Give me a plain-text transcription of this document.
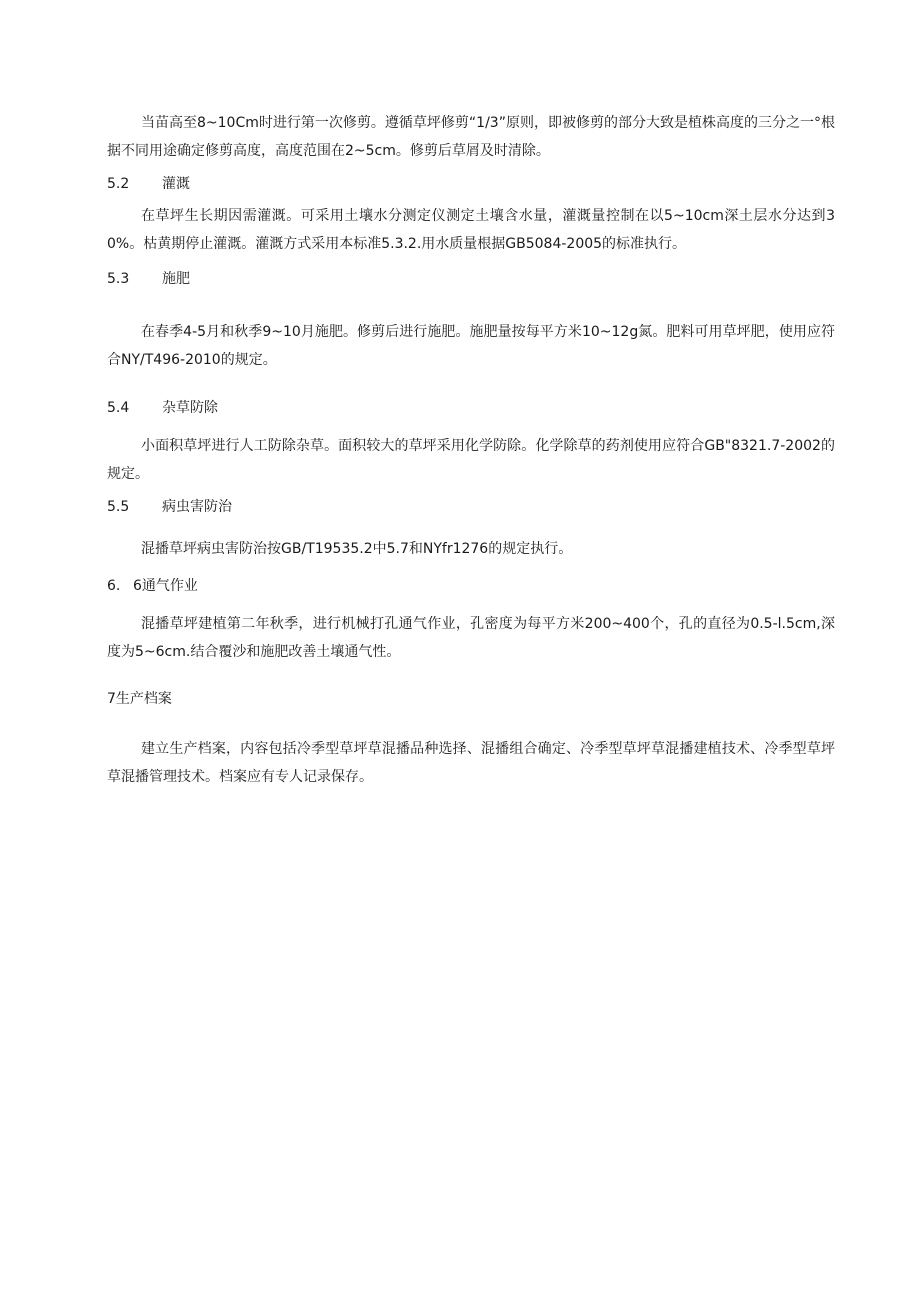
当苗高至8~10Cm时进行第一次修剪。遵循草坪修剪“1/3”原则，即被修剪的部分大致是植株高度的三分之一°根据不同用途确定修剪高度，高度范围在2~5cm。修剪后草屑及时清除。

5.2 灌溉

在草坪生长期因需灌溉。可采用土壤水分测定仪测定土壤含水量，灌溉量控制在以5~10cm深土层水分达到30%。枯黄期停止灌溉。灌溉方式采用本标准5.3.2.用水质量根据GB5084-2005的标准执行。

5.3 施肥

在春季4-5月和秋季9~10月施肥。修剪后进行施肥。施肥量按每平方米10~12g氮。肥料可用草坪肥，使用应符合NY/T496-2010的规定。

5.4 杂草防除

小面积草坪进行人工防除杂草。面积较大的草坪采用化学防除。化学除草的药剂使用应符合GB"8321.7-2002的规定。

5.5 病虫害防治

混播草坪病虫害防治按GB/T19535.2中5.7和NYfr1276的规定执行。

6. 6通气作业

混播草坪建植第二年秋季，进行机械打孔通气作业，孔密度为每平方米200~400个，孔的直径为0.5-l.5cm,深度为5~6cm.结合覆沙和施肥改善土壤通气性。

7生产档案

建立生产档案，内容包括冷季型草坪草混播品种选择、混播组合确定、冷季型草坪草混播建植技术、冷季型草坪草混播管理技术。档案应有专人记录保存。
